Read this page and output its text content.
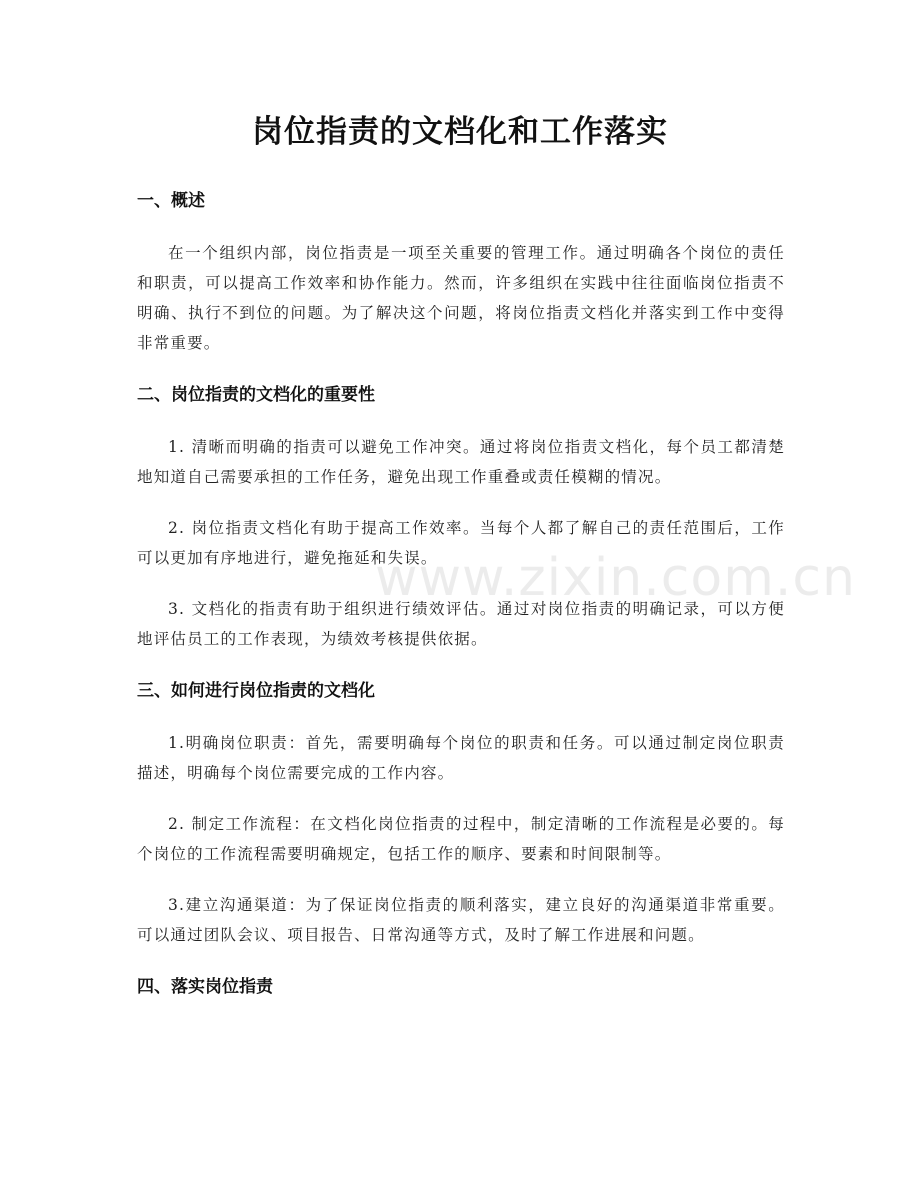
岗位指责的文档化和工作落实
一、概述

在一个组织内部，岗位指责是一项至关重要的管理工作。通过明确各个岗位的责任和职责，可以提高工作效率和协作能力。然而，许多组织在实践中往往面临岗位指责不明确、执行不到位的问题。为了解决这个问题，将岗位指责文档化并落实到工作中变得非常重要。

二、岗位指责的文档化的重要性

1. 清晰而明确的指责可以避免工作冲突。通过将岗位指责文档化，每个员工都清楚地知道自己需要承担的工作任务，避免出现工作重叠或责任模糊的情况。

2. 岗位指责文档化有助于提高工作效率。当每个人都了解自己的责任范围后，工作可以更加有序地进行，避免拖延和失误。

3. 文档化的指责有助于组织进行绩效评估。通过对岗位指责的明确记录，可以方便地评估员工的工作表现，为绩效考核提供依据。

三、如何进行岗位指责的文档化

1.明确岗位职责：首先，需要明确每个岗位的职责和任务。可以通过制定岗位职责描述，明确每个岗位需要完成的工作内容。

2. 制定工作流程：在文档化岗位指责的过程中，制定清晰的工作流程是必要的。每个岗位的工作流程需要明确规定，包括工作的顺序、要素和时间限制等。

3.建立沟通渠道：为了保证岗位指责的顺利落实，建立良好的沟通渠道非常重要。可以通过团队会议、项目报告、日常沟通等方式，及时了解工作进展和问题。

四、落实岗位指责
www.zixin.com.cn
